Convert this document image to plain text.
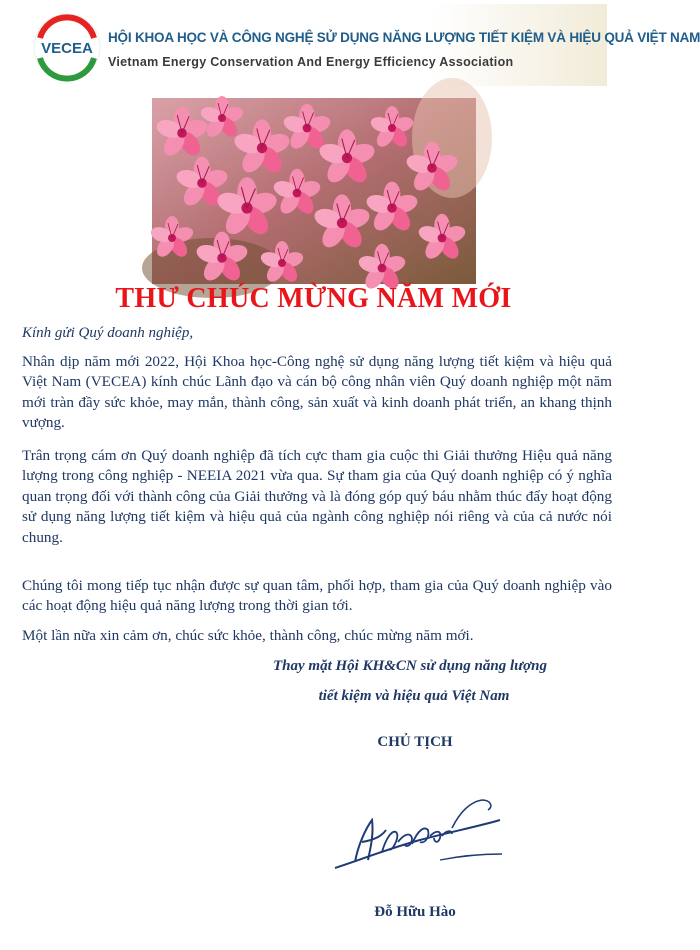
VECEA
HỘI KHOA HỌC VÀ CÔNG NGHỆ SỬ DỤNG NĂNG LƯỢNG TIẾT KIỆM VÀ HIỆU QUẢ VIỆT NAM
Vietnam Energy Conservation And Energy Efficiency Association
THƯ CHÚC MỪNG NĂM MỚI
Kính gửi Quý doanh nghiệp,
Nhân dịp năm mới 2022, Hội Khoa học-Công nghệ sử dụng năng lượng tiết kiệm và hiệu quả Việt Nam (VECEA) kính chúc Lãnh đạo và cán bộ công nhân viên Quý doanh nghiệp một năm mới tràn đầy sức khỏe, may mắn, thành công, sản xuất và kinh doanh phát triển, an khang thịnh vượng.
Trân trọng cám ơn Quý doanh nghiệp đã tích cực tham gia cuộc thi Giải thưởng Hiệu quả năng lượng trong công nghiệp - NEEIA 2021 vừa qua. Sự tham gia của Quý doanh nghiệp có ý nghĩa quan trọng đối với thành công của Giải thưởng và là đóng góp quý báu nhằm thúc đẩy hoạt động sử dụng năng lượng tiết kiệm và hiệu quả của ngành công nghiệp nói riêng và của cả nước nói chung.
Chúng tôi mong tiếp tục nhận được sự quan tâm, phối hợp, tham gia của Quý doanh nghiệp vào các hoạt động hiệu quả năng lượng trong thời gian tới.
Một lần nữa xin cảm ơn, chúc sức khỏe, thành công, chúc mừng năm mới.
Thay mặt Hội KH&CN sử dụng năng lượng
tiết kiệm và hiệu quả Việt Nam
CHỦ TỊCH
Đỗ Hữu Hào
